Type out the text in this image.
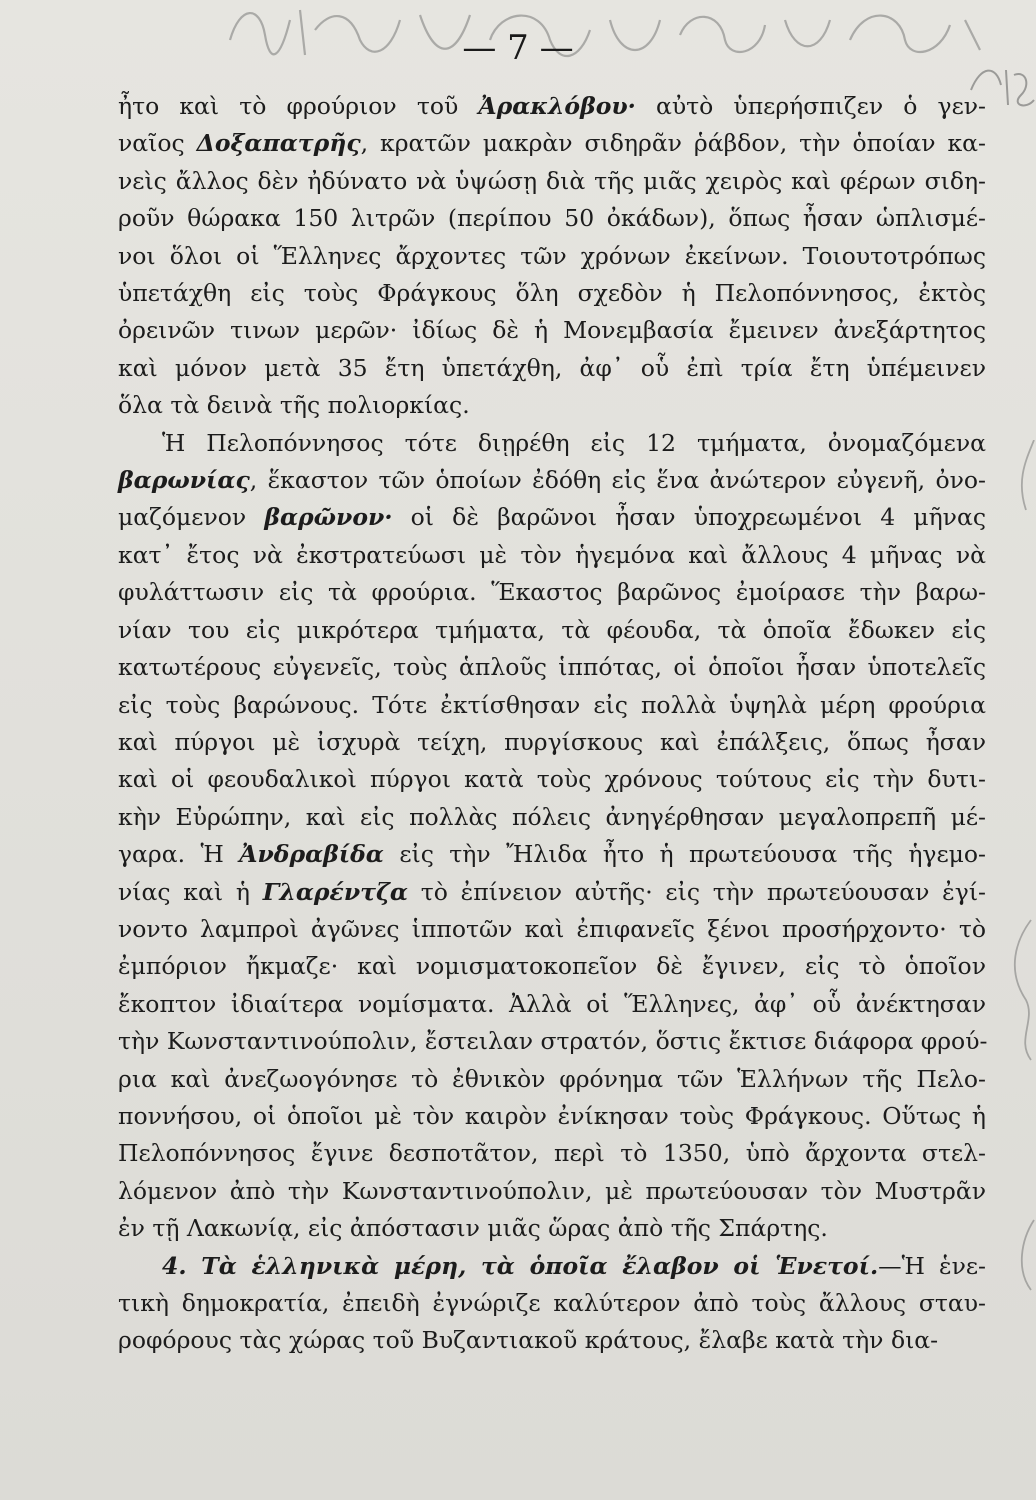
— 7 —
ἦτο καὶ τὸ φρούριον τοῦ Ἀρακλόβου· αὐτὸ ὑπερήσπιζεν ὁ γεν-
ναῖος Δοξαπατρῆς, κρατῶν μακρὰν σιδηρᾶν ῥάβδον, τὴν ὁποίαν κα-
νεὶς ἄλλος δὲν ἠδύνατο νὰ ὑψώσῃ διὰ τῆς μιᾶς χειρὸς καὶ φέρων σιδη-
ροῦν θώρακα 150 λιτρῶν (περίπου 50 ὀκάδων), ὅπως ἦσαν ὡπλισμέ-
νοι ὅλοι οἱ Ἕλληνες ἄρχοντες τῶν χρόνων ἐκείνων. Τοιουτοτρόπως
ὑπετάχθη εἰς τοὺς Φράγκους ὅλη σχεδὸν ἡ Πελοπόννησος, ἐκτὸς
ὀρεινῶν τινων μερῶν· ἰδίως δὲ ἡ Μονεμβασία ἔμεινεν ἀνεξάρτητος
καὶ μόνον μετὰ 35 ἔτη ὑπετάχθη, ἀφ᾽ οὗ ἐπὶ τρία ἔτη ὑπέμεινεν
ὅλα τὰ δεινὰ τῆς πολιορκίας.
Ἡ Πελοπόννησος τότε διῃρέθη εἰς 12 τμήματα, ὀνομαζόμενα
βαρωνίας, ἕκαστον τῶν ὁποίων ἐδόθη εἰς ἕνα ἀνώτερον εὐγενῆ, ὀνο-
μαζόμενον βαρῶνον· οἱ δὲ βαρῶνοι ἦσαν ὑποχρεωμένοι 4 μῆνας
κατ᾽ ἔτος νὰ ἐκστρατεύωσι μὲ τὸν ἡγεμόνα καὶ ἄλλους 4 μῆνας νὰ
φυλάττωσιν εἰς τὰ φρούρια. Ἕκαστος βαρῶνος ἐμοίρασε τὴν βαρω-
νίαν του εἰς μικρότερα τμήματα, τὰ φέουδα, τὰ ὁποῖα ἔδωκεν εἰς
κατωτέρους εὐγενεῖς, τοὺς ἁπλοῦς ἱππότας, οἱ ὁποῖοι ἦσαν ὑποτελεῖς
εἰς τοὺς βαρώνους. Τότε ἐκτίσθησαν εἰς πολλὰ ὑψηλὰ μέρη φρούρια
καὶ πύργοι μὲ ἰσχυρὰ τείχη, πυργίσκους καὶ ἐπάλξεις, ὅπως ἦσαν
καὶ οἱ φεουδαλικοὶ πύργοι κατὰ τοὺς χρόνους τούτους εἰς τὴν δυτι-
κὴν Εὐρώπην, καὶ εἰς πολλὰς πόλεις ἀνηγέρθησαν μεγαλοπρεπῆ μέ-
γαρα. Ἡ Ἀνδραβίδα εἰς τὴν Ἤλιδα ἦτο ἡ πρωτεύουσα τῆς ἡγεμο-
νίας καὶ ἡ Γλαρέντζα τὸ ἐπίνειον αὐτῆς· εἰς τὴν πρωτεύουσαν ἐγί-
νοντο λαμπροὶ ἀγῶνες ἱπποτῶν καὶ ἐπιφανεῖς ξένοι προσήρχοντο· τὸ
ἐμπόριον ἤκμαζε· καὶ νομισματοκοπεῖον δὲ ἔγινεν, εἰς τὸ ὁποῖον
ἔκοπτον ἰδιαίτερα νομίσματα. Ἀλλὰ οἱ Ἕλληνες, ἀφ᾽ οὗ ἀνέκτησαν
τὴν Κωνσταντινούπολιν, ἔστειλαν στρατόν, ὅστις ἔκτισε διάφορα φρού-
ρια καὶ ἀνεζωογόνησε τὸ ἐθνικὸν φρόνημα τῶν Ἑλλήνων τῆς Πελο-
ποννήσου, οἱ ὁποῖοι μὲ τὸν καιρὸν ἐνίκησαν τοὺς Φράγκους. Οὕτως ἡ
Πελοπόννησος ἔγινε δεσποτᾶτον, περὶ τὸ 1350, ὑπὸ ἄρχοντα στελ-
λόμενον ἀπὸ τὴν Κωνσταντινούπολιν, μὲ πρωτεύουσαν τὸν Μυστρᾶν
ἐν τῇ Λακωνίᾳ, εἰς ἀπόστασιν μιᾶς ὥρας ἀπὸ τῆς Σπάρτης.
4. Τὰ ἑλληνικὰ μέρη, τὰ ὁποῖα ἔλαβον οἱ Ἑνετοί.—Ἡ ἑνε-
τικὴ δημοκρατία, ἐπειδὴ ἐγνώριζε καλύτερον ἀπὸ τοὺς ἄλλους σταυ-
ροφόρους τὰς χώρας τοῦ Βυζαντιακοῦ κράτους, ἔλαβε κατὰ τὴν δια-
